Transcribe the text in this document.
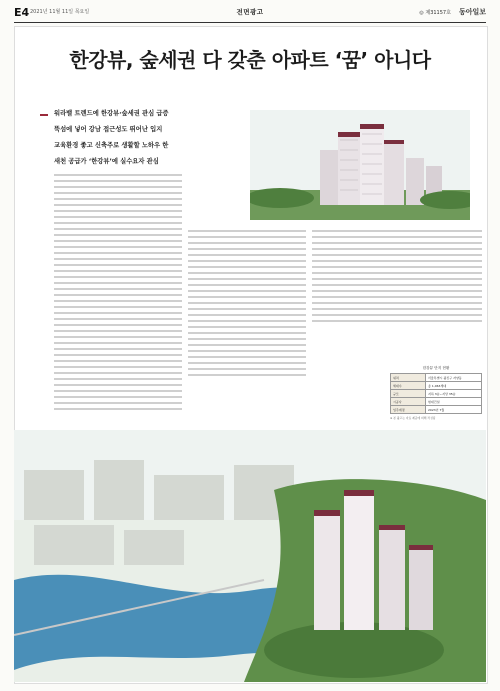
E4 2021년 11월 11일 목요일	전면광고	◎ 제31157호 동아일보
한강뷰, 숲세권 다 갖춘 아파트 ‘꿈’ 아니다

워라밸 트렌드에 한강뷰·숲세권 관심 급증

뚝섬에 넣어 강남 접근성도 뛰어난 입지

교육환경 좋고 신축주로 생활할 노하우 한

새천 공급가 ‘한강뷰’에 실수요자 관심

한강뷰 단지 현황
위치	서울특별시 광진구 자양동
세대수	총 1,063세대
규모	지하 3층~지상 35층
시공사	현대건설
입주예정	2023년 7월
※ 본 광고는 자료 제공에 의해 작성됨
